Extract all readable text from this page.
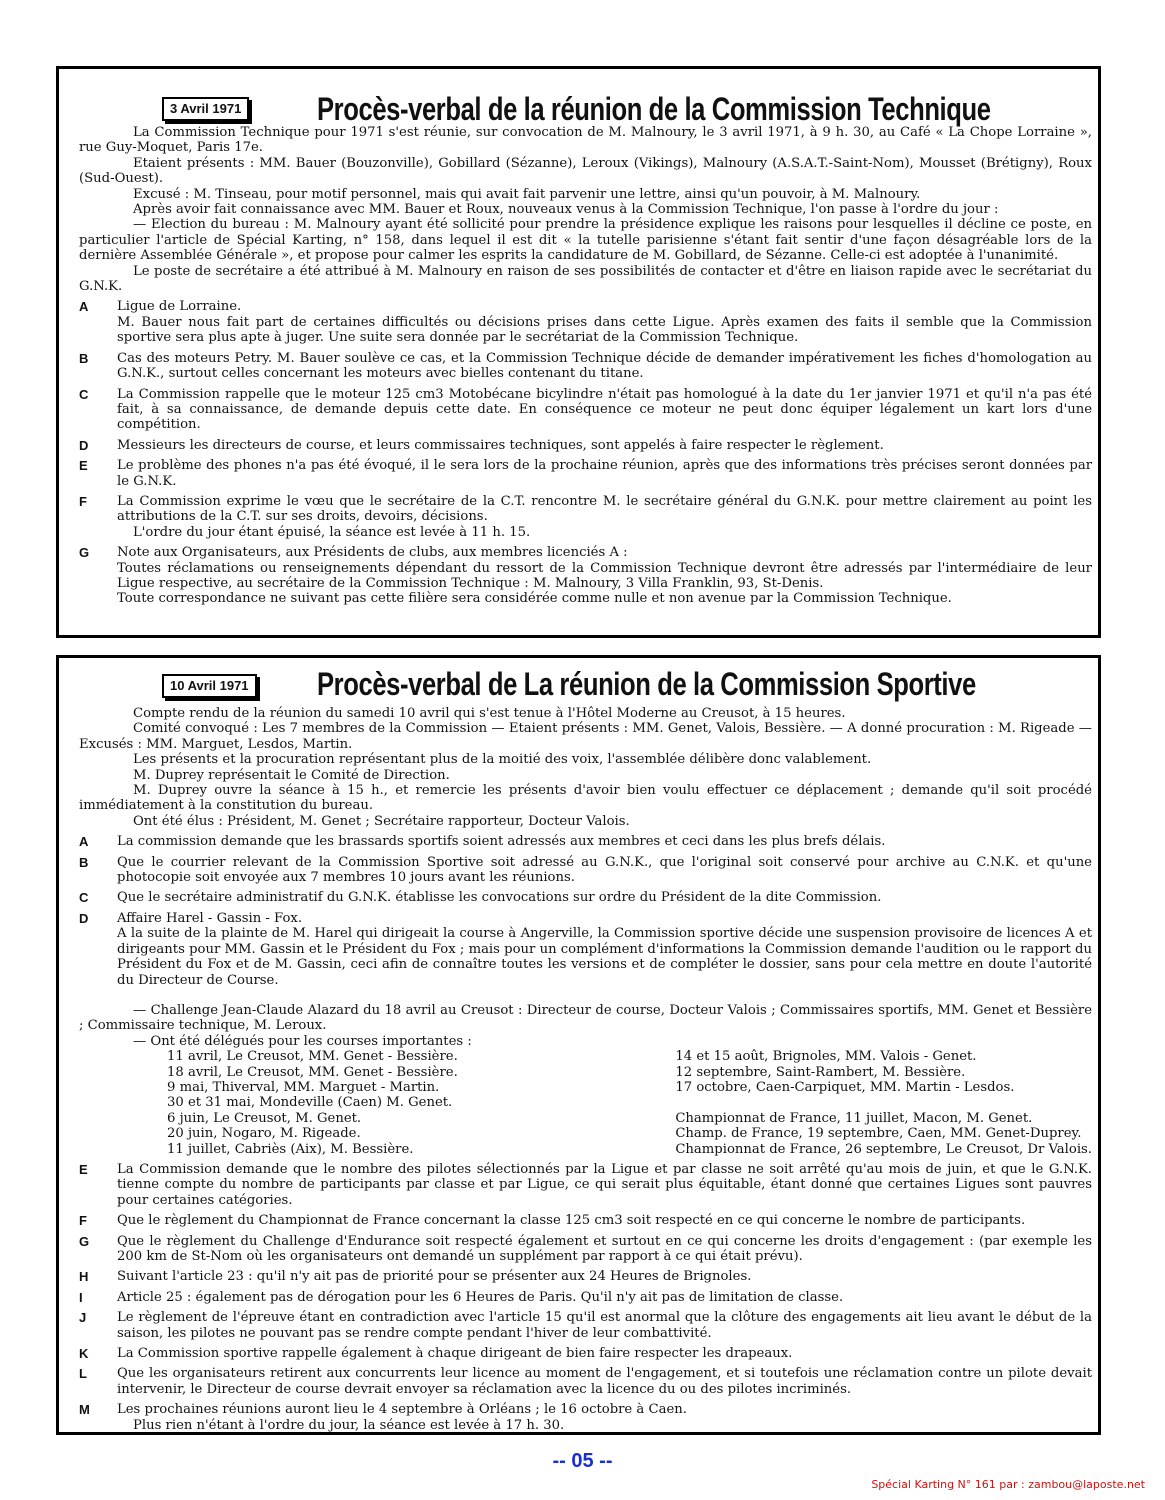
3 Avril 1971 Procès-verbal de la réunion de la Commission Technique

La Commission Technique pour 1971 s'est réunie, sur convocation de M. Malnoury, le 3 avril 1971, à 9 h. 30, au Café « La Chope Lorraine », rue Guy-Moquet, Paris 17e.

Etaient présents : MM. Bauer (Bouzonville), Gobillard (Sézanne), Leroux (Vikings), Malnoury (A.S.A.T.-Saint-Nom), Mousset (Brétigny), Roux (Sud-Ouest).

Excusé : M. Tinseau, pour motif personnel, mais qui avait fait parvenir une lettre, ainsi qu'un pouvoir, à M. Malnoury.

Après avoir fait connaissance avec MM. Bauer et Roux, nouveaux venus à la Commission Technique, l'on passe à l'ordre du jour :

— Election du bureau : M. Malnoury ayant été sollicité pour prendre la présidence explique les raisons pour lesquelles il décline ce poste, en particulier l'article de Spécial Karting, n° 158, dans lequel il est dit « la tutelle parisienne s'étant fait sentir d'une façon désagréable lors de la dernière Assemblée Générale », et propose pour calmer les esprits la candidature de M. Gobillard, de Sézanne. Celle-ci est adoptée à l'unanimité.

Le poste de secrétaire a été attribué à M. Malnoury en raison de ses possibilités de contacter et d'être en liaison rapide avec le secrétariat du G.N.K.

A Ligue de Lorraine.

M. Bauer nous fait part de certaines difficultés ou décisions prises dans cette Ligue. Après examen des faits il semble que la Commission sportive sera plus apte à juger. Une suite sera donnée par le secrétariat de la Commission Technique.

B Cas des moteurs Petry. M. Bauer soulève ce cas, et la Commission Technique décide de demander impérativement les fiches d'homologation au G.N.K., surtout celles concernant les moteurs avec bielles contenant du titane.

C La Commission rappelle que le moteur 125 cm3 Motobécane bicylindre n'était pas homologué à la date du 1er janvier 1971 et qu'il n'a pas été fait, à sa connaissance, de demande depuis cette date. En conséquence ce moteur ne peut donc équiper légalement un kart lors d'une compétition.

D Messieurs les directeurs de course, et leurs commissaires techniques, sont appelés à faire respecter le règlement.

E Le problème des phones n'a pas été évoqué, il le sera lors de la prochaine réunion, après que des informations très précises seront données par le G.N.K.

F La Commission exprime le vœu que le secrétaire de la C.T. rencontre M. le secrétaire général du G.N.K. pour mettre clairement au point les attributions de la C.T. sur ses droits, devoirs, décisions.

L'ordre du jour étant épuisé, la séance est levée à 11 h. 15.

G Note aux Organisateurs, aux Présidents de clubs, aux membres licenciés A :

Toutes réclamations ou renseignements dépendant du ressort de la Commission Technique devront être adressés par l'intermédiaire de leur Ligue respective, au secrétaire de la Commission Technique : M. Malnoury, 3 Villa Franklin, 93, St-Denis.

Toute correspondance ne suivant pas cette filière sera considérée comme nulle et non avenue par la Commission Technique.

10 Avril 1971 Procès-verbal de La réunion de la Commission Sportive

Compte rendu de la réunion du samedi 10 avril qui s'est tenue à l'Hôtel Moderne au Creusot, à 15 heures.

Comité convoqué : Les 7 membres de la Commission — Etaient présents : MM. Genet, Valois, Bessière. — A donné procuration : M. Rigeade — Excusés : MM. Marguet, Lesdos, Martin.

Les présents et la procuration représentant plus de la moitié des voix, l'assemblée délibère donc valablement.

M. Duprey représentait le Comité de Direction.

M. Duprey ouvre la séance à 15 h., et remercie les présents d'avoir bien voulu effectuer ce déplacement ; demande qu'il soit procédé immédiatement à la constitution du bureau.

Ont été élus : Président, M. Genet ; Secrétaire rapporteur, Docteur Valois.

A La commission demande que les brassards sportifs soient adressés aux membres et ceci dans les plus brefs délais.

B Que le courrier relevant de la Commission Sportive soit adressé au G.N.K., que l'original soit conservé pour archive au C.N.K. et qu'une photocopie soit envoyée aux 7 membres 10 jours avant les réunions.

C Que le secrétaire administratif du G.N.K. établisse les convocations sur ordre du Président de la dite Commission.

D Affaire Harel - Gassin - Fox.

A la suite de la plainte de M. Harel qui dirigeait la course à Angerville, la Commission sportive décide une suspension provisoire de licences A et dirigeants pour MM. Gassin et le Président du Fox ; mais pour un complément d'informations la Commission demande l'audition ou le rapport du Président du Fox et de M. Gassin, ceci afin de connaître toutes les versions et de compléter le dossier, sans pour cela mettre en doute l'autorité du Directeur de Course.

— Challenge Jean-Claude Alazard du 18 avril au Creusot : Directeur de course, Docteur Valois ; Commissaires sportifs, MM. Genet et Bessière ; Commissaire technique, M. Leroux.

— Ont été délégués pour les courses importantes :

11 avril, Le Creusot, MM. Genet - Bessière.
18 avril, Le Creusot, MM. Genet - Bessière.
9 mai, Thiverval, MM. Marguet - Martin.
30 et 31 mai, Mondeville (Caen) M. Genet.
6 juin, Le Creusot, M. Genet.
20 juin, Nogaro, M. Rigeade.
11 juillet, Cabriès (Aix), M. Bessière.
14 et 15 août, Brignoles, MM. Valois - Genet.
12 septembre, Saint-Rambert, M. Bessière.
17 octobre, Caen-Carpiquet, MM. Martin - Lesdos.

Championnat de France, 11 juillet, Macon, M. Genet.
Champ. de France, 19 septembre, Caen, MM. Genet-Duprey.
Championnat de France, 26 septembre, Le Creusot, Dr Valois.
E La Commission demande que le nombre des pilotes sélectionnés par la Ligue et par classe ne soit arrêté qu'au mois de juin, et que le G.N.K. tienne compte du nombre de participants par classe et par Ligue, ce qui serait plus équitable, étant donné que certaines Ligues sont pauvres pour certaines catégories.

F Que le règlement du Championnat de France concernant la classe 125 cm3 soit respecté en ce qui concerne le nombre de participants.

G Que le règlement du Challenge d'Endurance soit respecté également et surtout en ce qui concerne les droits d'engagement : (par exemple les 200 km de St-Nom où les organisateurs ont demandé un supplément par rapport à ce qui était prévu).

H Suivant l'article 23 : qu'il n'y ait pas de priorité pour se présenter aux 24 Heures de Brignoles.

I	Article 25 : également pas de dérogation pour les 6 Heures de Paris. Qu'il n'y ait pas de limitation de classe.

J Le règlement de l'épreuve étant en contradiction avec l'article 15 qu'il est anormal que la clôture des engagements ait lieu avant le début de la saison, les pilotes ne pouvant pas se rendre compte pendant l'hiver de leur combattivité.

K La Commission sportive rappelle également à chaque dirigeant de bien faire respecter les drapeaux.

L Que les organisateurs retirent aux concurrents leur licence au moment de l'engagement, et si toutefois une réclamation contre un pilote devait intervenir, le Directeur de course devrait envoyer sa réclamation avec la licence du ou des pilotes incriminés.

M Les prochaines réunions auront lieu le 4 septembre à Orléans ; le 16 octobre à Caen.

Plus rien n'étant à l'ordre du jour, la séance est levée à 17 h. 30.

-- 05 --
Spécial Karting N° 161 par : zambou@laposte.net
